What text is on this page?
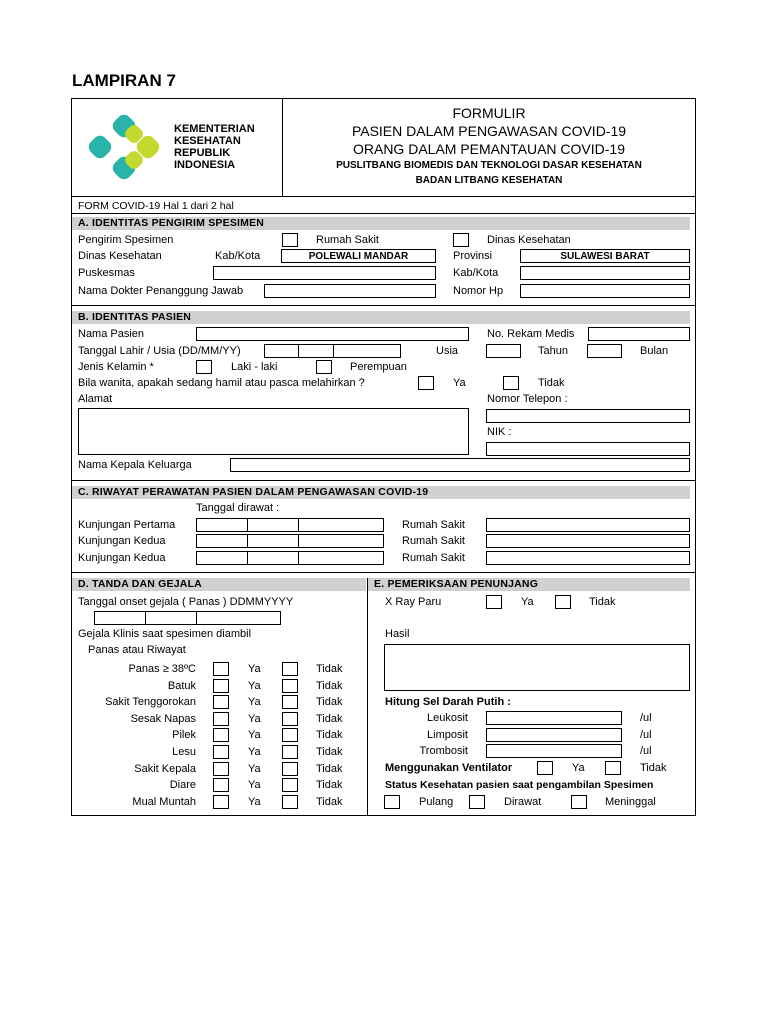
LAMPIRAN 7
KEMENTERIAN
KESEHATAN
REPUBLIK
INDONESIA
FORMULIR
PASIEN DALAM PENGAWASAN COVID-19
ORANG DALAM PEMANTAUAN COVID-19
PUSLITBANG BIOMEDIS DAN TEKNOLOGI DASAR KESEHATAN
BADAN LITBANG KESEHATAN
FORM COVID-19 Hal 1 dari 2 hal
A. IDENTITAS PENGIRIM SPESIMEN
Pengirim Spesimen	Rumah Sakit	Dinas Kesehatan
Dinas Kesehatan	Kab/Kota	POLEWALI MANDAR	Provinsi	SULAWESI BARAT
Puskesmas	Kab/Kota
Nama Dokter Penanggung Jawab	Nomor Hp
B. IDENTITAS PASIEN
Nama Pasien	No. Rekam Medis
Tanggal Lahir / Usia (DD/MM/YY)	Usia	Tahun	Bulan
Jenis Kelamin *	Laki - laki	Perempuan
Bila wanita, apakah sedang hamil atau pasca melahirkan ?	Ya	Tidak
Alamat	Nomor Telepon :
NIK :
Nama Kepala Keluarga
C. RIWAYAT PERAWATAN PASIEN DALAM PENGAWASAN COVID-19
Tanggal dirawat :
Kunjungan Pertama	Rumah Sakit
Kunjungan Kedua	Rumah Sakit
Kunjungan Kedua	Rumah Sakit
D. TANDA DAN GEJALA	E. PEMERIKSAAN PENUNJANG
Tanggal onset gejala ( Panas ) DDMMYYYY
Gejala Klinis saat spesimen diambil
Panas atau Riwayat
Panas ≥ 38ºC	Ya	Tidak
Batuk	Ya	Tidak
Sakit Tenggorokan	Ya	Tidak
Sesak Napas	Ya	Tidak
Pilek	Ya	Tidak
Lesu	Ya	Tidak
Sakit Kepala	Ya	Tidak
Diare	Ya	Tidak
Mual Muntah	Ya	Tidak
X Ray Paru	Ya	Tidak
Hasil
Hitung Sel Darah Putih :
Leukosit	/ul
Limposit	/ul
Trombosit	/ul
Menggunakan Ventilator	Ya	Tidak
Status Kesehatan pasien saat pengambilan Spesimen
Pulang	Dirawat	Meninggal
